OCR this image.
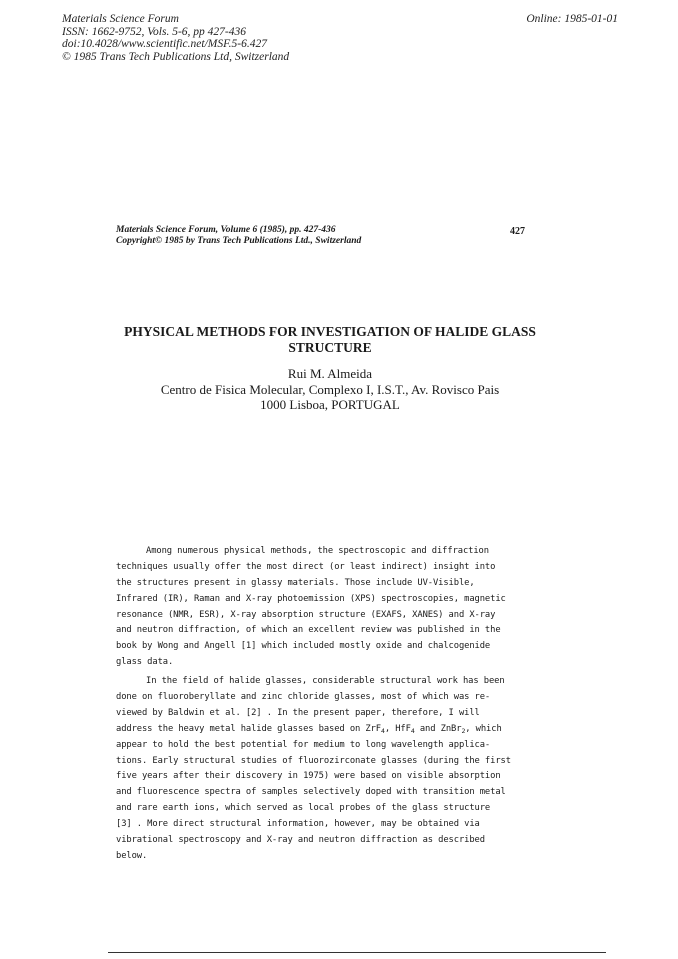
Materials Science Forum
ISSN: 1662-9752, Vols. 5-6, pp 427-436
doi:10.4028/www.scientific.net/MSF.5-6.427
© 1985 Trans Tech Publications Ltd, Switzerland
Online: 1985-01-01
Materials Science Forum, Volume 6 (1985), pp. 427-436
Copyright© 1985 by Trans Tech Publications Ltd., Switzerland
427
PHYSICAL METHODS FOR INVESTIGATION OF HALIDE GLASS
STRUCTURE
Rui M. Almeida
Centro de Fisica Molecular, Complexo I, I.S.T., Av. Rovisco Pais
1000 Lisboa, PORTUGAL
Among numerous physical methods, the spectroscopic and diffraction
techniques usually offer the most direct (or least indirect) insight into
the structures present in glassy materials. Those include UV-Visible,
Infrared (IR), Raman and X-ray photoemission (XPS) spectroscopies, magnetic
resonance (NMR, ESR), X-ray absorption structure (EXAFS, XANES) and X-ray
and neutron diffraction, of which an excellent review was published in the
book by Wong and Angell [1] which included mostly oxide and chalcogenide
glass data.
In the field of halide glasses, considerable structural work has been
done on fluoroberyllate and zinc chloride glasses, most of which was re-
viewed by Baldwin et al. [2] . In the present paper, therefore, I will
address the heavy metal halide glasses based on ZrF$_4$, HfF$_4$ and ZnBr$_2$, which
appear to hold the best potential for medium to long wavelength applica-
tions. Early structural studies of fluorozirconate glasses (during the first
five years after their discovery in 1975) were based on visible absorption
and fluorescence spectra of samples selectively doped with transition metal
and rare earth ions, which served as local probes of the glass structure
[3] . More direct structural information, however, may be obtained via
vibrational spectroscopy and X-ray and neutron diffraction as described
below.
